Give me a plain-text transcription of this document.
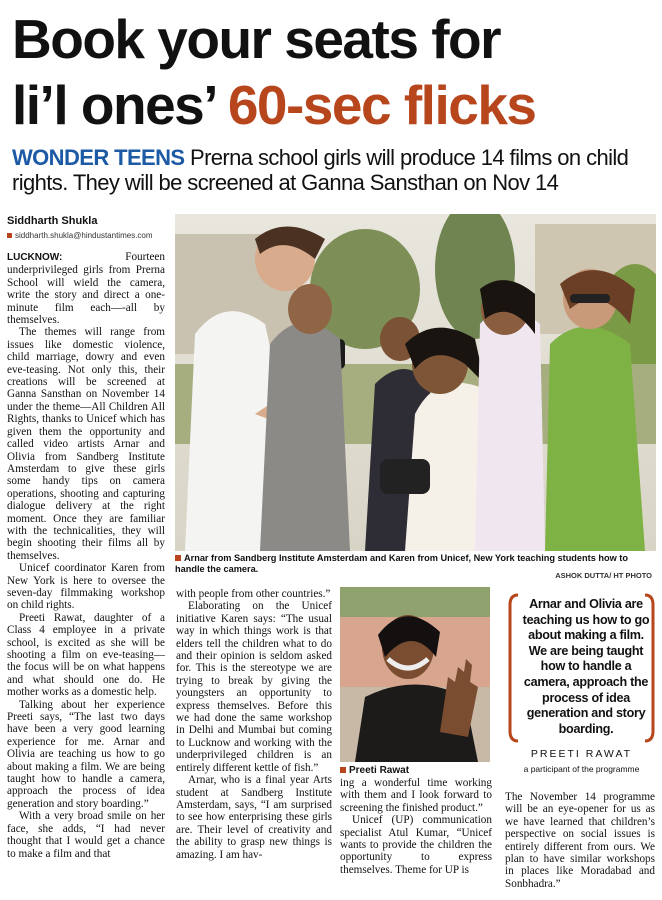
Book your seats for
li’l ones’ 60-sec flicks
WONDER TEENS Prerna school girls will produce 14 films on child rights. They will be screened at Ganna Sansthan on Nov 14
Siddharth Shukla
siddharth.shukla@hindustantimes.com

LUCKNOW:	Fourteen underprivileged girls from Prerna School will wield the camera, write the story and direct a one-minute film each—-all by themselves.

The themes will range from issues like domestic violence, child marriage, dowry and even eve-teasing. Not only this, their creations will be screened at Ganna Sansthan on November 14 under the theme—All Children All Rights, thanks to Unicef which has given them the opportunity and called video artists Arnar and Olivia from Sandberg Institute Amsterdam to give these girls some handy tips on camera operations, shooting and capturing dialogue delivery at the right moment. Once they are familiar with the technicalities, they will begin shooting their films all by themselves.

Unicef coordinator Karen from New York is here to oversee the seven-day filmmaking workshop on child rights.

Preeti Rawat, daughter of a Class 4 employee in a private school, is excited as she will be shooting a film on eve-teasing—the focus will be on what happens and what should one do. He mother works as a domestic help.

Talking about her experience Preeti says, “The last two days have been a very good learning experience for me. Arnar and Olivia are teaching us how to go about making a film. We are being taught how to handle a camera, approach the process of idea generation and story boarding.”

With a very broad smile on her face, she adds, “I had never thought that I would get a chance to make a film and that

Arnar from Sandberg Institute Amsterdam and Karen from Unicef, New York teaching students how to handle the camera.
ASHOK DUTTA/ HT PHOTO

with people from other countries.”

Elaborating on the Unicef initiative Karen says: “The usual way in which things work is that elders tell the children what to do and their opinion is seldom asked for. This is the stereotype we are trying to break by giving the youngsters an opportunity to express themselves. Before this we had done the same workshop in Delhi and Mumbai but coming to Lucknow and working with the underprivileged children is an entirely different kettle of fish.”

Arnar, who is a final year Arts student at Sandberg Institute Amsterdam, says, “I am surprised to see how enterprising these girls are. Their level of creativity and the ability to grasp new things is amazing. I am hav-

Preeti Rawat

ing a wonderful time working with them and I look forward to screening the finished product.”

Unicef (UP) communication specialist Atul Kumar, “Unicef wants to provide the children the opportunity to express themselves. Theme for UP is

Arnar and Olivia are teaching us how to go about making a film. We are being taught how to handle a camera, approach the process of idea generation and story boarding.
PREETI RAWAT
a participant of the programme

The November 14 programme will be an eye-opener for us as we have learned that children’s perspective on social issues is entirely different from ours. We plan to have similar workshops in places like Moradabad and Sonbhadra.”
